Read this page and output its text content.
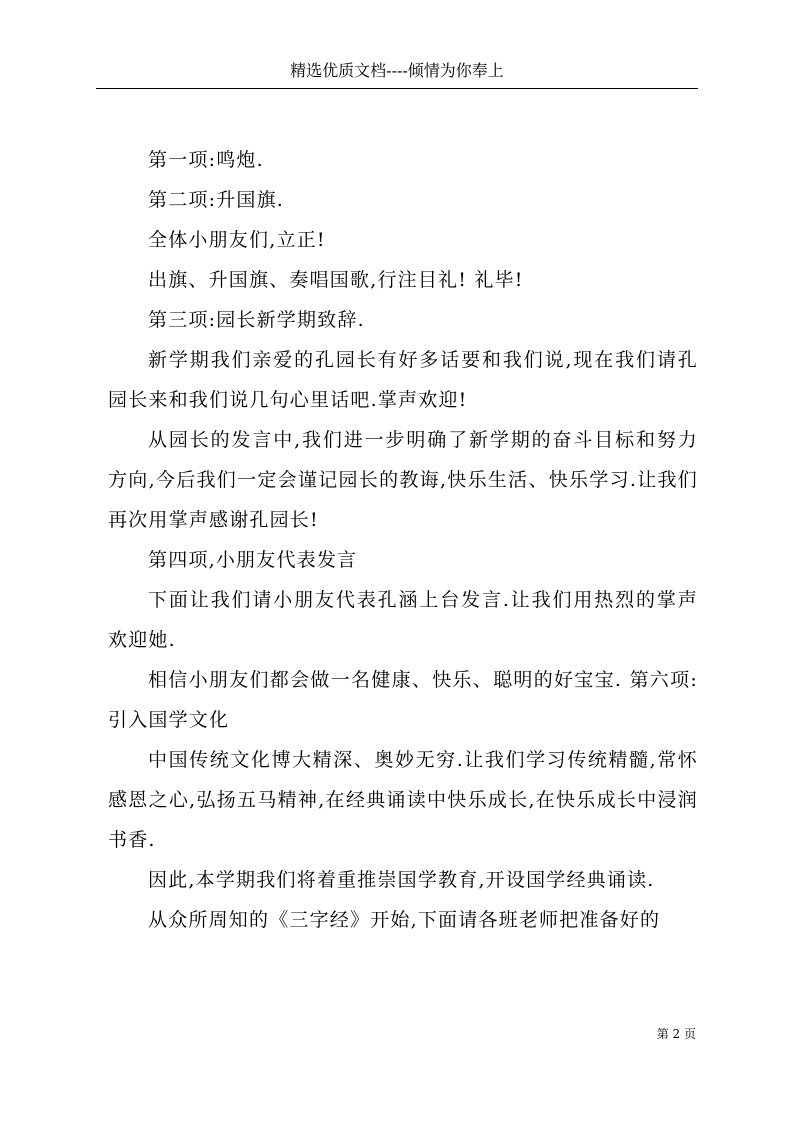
精选优质文档----倾情为你奉上

第一项:鸣炮.

第二项:升国旗.

全体小朋友们,立正!

出旗、升国旗、奏唱国歌,行注目礼! 礼毕!

第三项:园长新学期致辞.

新学期我们亲爱的孔园长有好多话要和我们说,现在我们请孔园长来和我们说几句心里话吧.掌声欢迎!

从园长的发言中,我们进一步明确了新学期的奋斗目标和努力方向,今后我们一定会谨记园长的教诲,快乐生活、快乐学习.让我们再次用掌声感谢孔园长!

第四项,小朋友代表发言

下面让我们请小朋友代表孔涵上台发言.让我们用热烈的掌声欢迎她.

相信小朋友们都会做一名健康、快乐、聪明的好宝宝. 第六项:引入国学文化

中国传统文化博大精深、奥妙无穷.让我们学习传统精髓,常怀感恩之心,弘扬五马精神,在经典诵读中快乐成长,在快乐成长中浸润书香.

因此,本学期我们将着重推崇国学教育,开设国学经典诵读.

从众所周知的《三字经》开始,下面请各班老师把准备好的

第 2 页
